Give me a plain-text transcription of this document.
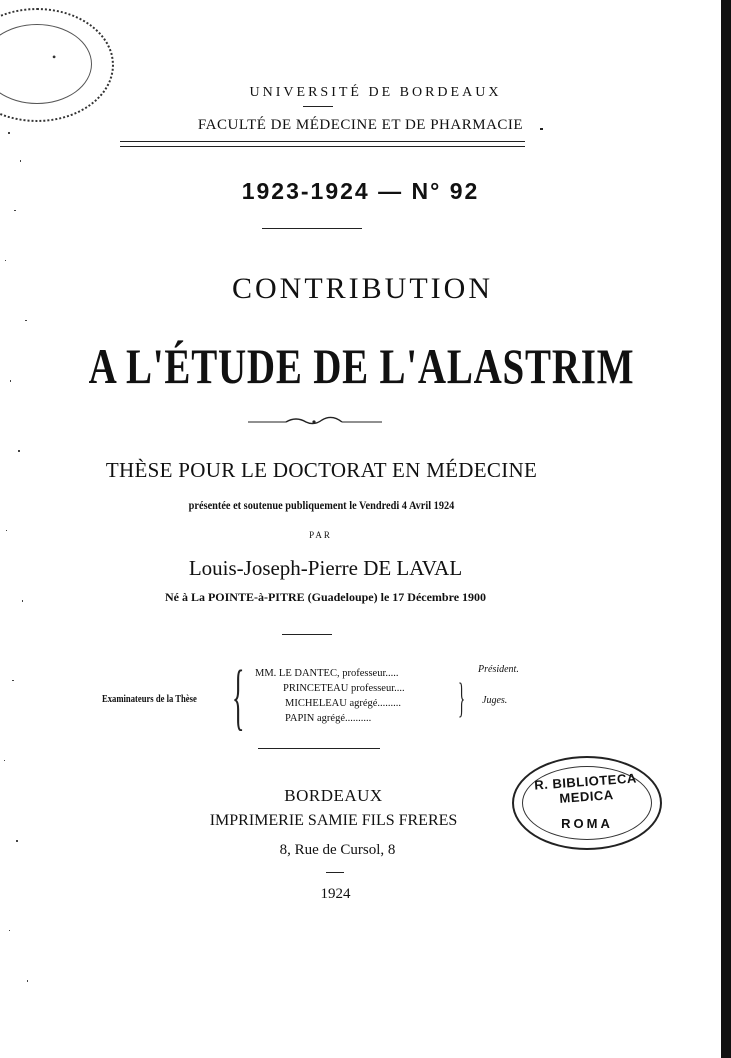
•
UNIVERSITÉ DE BORDEAUX
FACULTÉ DE MÉDECINE ET DE PHARMACIE
1923-1924 — N° 92
CONTRIBUTION
A L'ÉTUDE DE L'ALASTRIM
THÈSE POUR LE DOCTORAT EN MÉDECINE
présentée et soutenue publiquement le Vendredi 4 Avril 1924
PAR
Louis-Joseph-Pierre DE LAVAL
Né à La POINTE-à-PITRE (Guadeloupe) le 17 Décembre 1900
Examinateurs de la Thèse { MM. LE DANTEC, professeur.....
PRINCETEAU professeur....
MICHELEAU agrégé.........
PAPIN agrégé..........
Président.
} Juges.
BORDEAUX
IMPRIMERIE SAMIE FILS FRERES
8, Rue de Cursol, 8
1924
R. BIBLIOTECA MEDICA
ROMA
